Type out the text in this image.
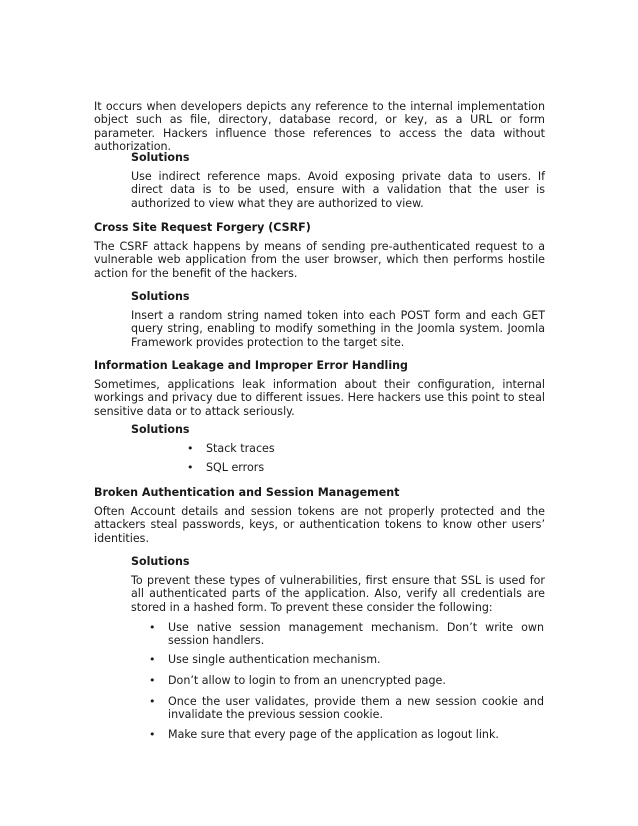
It occurs when developers depicts any reference to the internal implementation object such as file, directory, database record, or key, as a URL or form parameter. Hackers influence those references to access the data without authorization.

Solutions

Use indirect reference maps. Avoid exposing private data to users. If direct data is to be used, ensure with a validation that the user is authorized to view what they are authorized to view.

Cross Site Request Forgery (CSRF)

The CSRF attack happens by means of sending pre-authenticated request to a vulnerable web application from the user browser, which then performs hostile action for the benefit of the hackers.

Solutions

Insert a random string named token into each POST form and each GET query string, enabling to modify something in the Joomla system. Joomla Framework provides protection to the target site.

Information Leakage and Improper Error Handling

Sometimes, applications leak information about their configuration, internal workings and privacy due to different issues. Here hackers use this point to steal sensitive data or to attack seriously.

Solutions

• Stack traces

• SQL errors

Broken Authentication and Session Management

Often Account details and session tokens are not properly protected and the attackers steal passwords, keys, or authentication tokens to know other users’ identities.

Solutions

To prevent these types of vulnerabilities, first ensure that SSL is used for all authenticated parts of the application. Also, verify all credentials are stored in a hashed form. To prevent these consider the following:

• Use native session management mechanism. Don’t write own session handlers.

• Use single authentication mechanism.

• Don’t allow to login to from an unencrypted page.

• Once the user validates, provide them a new session cookie and invalidate the previous session cookie.

• Make sure that every page of the application as logout link.
